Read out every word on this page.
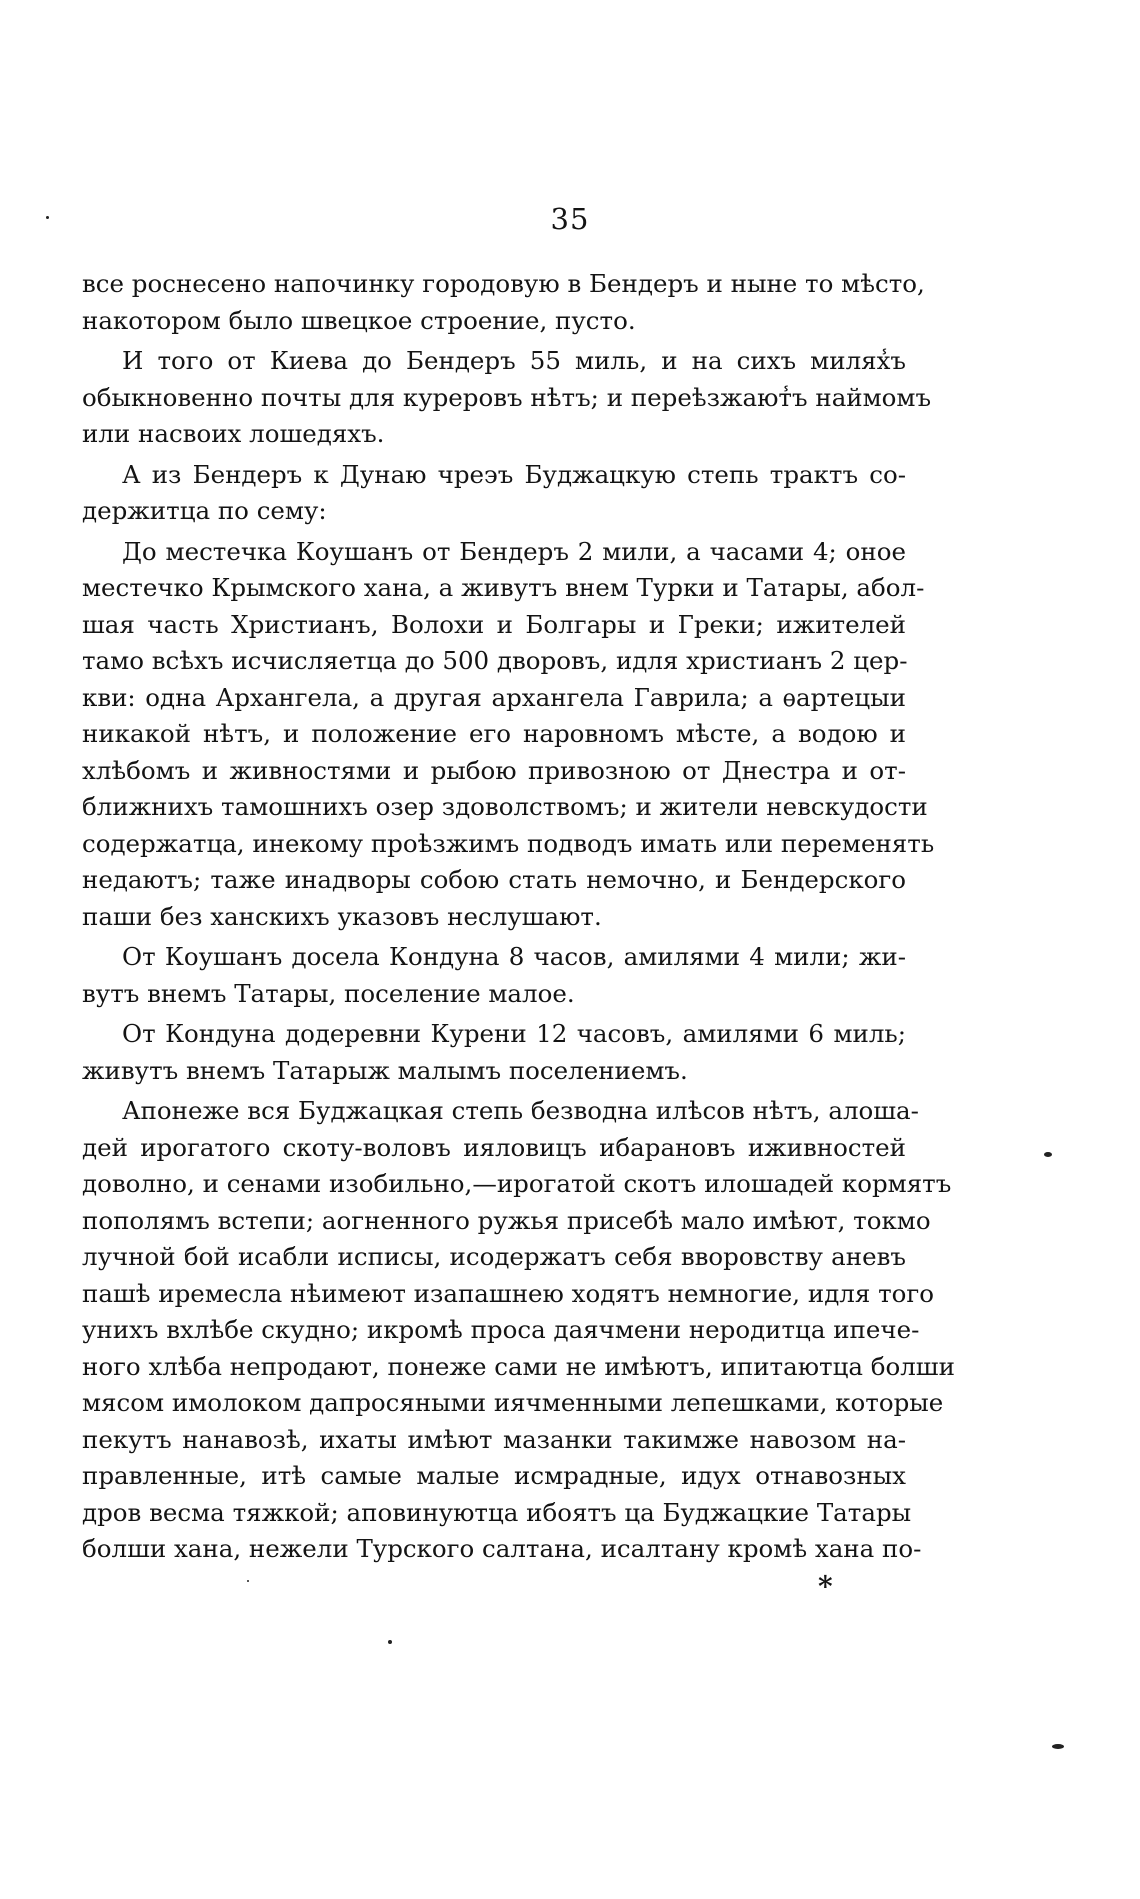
35
все роснесено напочинку городовую в Бендеръ и ныне то мѣсто,
накотором было швецкое строение, пусто.
И того от Киева до Бендеръ 55 миль, и на сихъ милях̾ъ
обыкновенно почты для куреровъ нѣтъ; и переѣзжают̾ъ наймомъ
или насвоих лошедяхъ.
А из Бендеръ к Дунаю чреэъ Буджацкую степь трактъ со-
держитца по сему:
До местечка Коушанъ от Бендеръ 2 мили, а часами 4; оное
местечко Крымского хана, а живутъ внем Турки и Татары, абол-
шая часть Христианъ, Волохи и Болгары и Греки; ижителей
тамо всѣхъ исчисляетца до 500 дворовъ, идля христианъ 2 цер-
кви: одна Архангела, а другая архангела Гаврила; а ѳартецыи
никакой нѣтъ, и положение его наровномъ мѣсте, а водою и
хлѣбомъ и живностями и рыбою привозною от Днестра и от-
ближнихъ тамошнихъ озер здоволствомъ; и жители невскудости
содержатца, инекому проѣзжимъ подводъ имать или переменять
недаютъ; таже инадворы собою стать немочно, и Бендерского
паши без ханскихъ указовъ неслушают.
От Коушанъ досела Кондуна 8 часов, амилями 4 мили; жи-
вутъ внемъ Татары, поселение малое.
От Кондуна додеревни Курени 12 часовъ, амилями 6 миль;
живутъ внемъ Татарыж малымъ поселениемъ.
Апонеже вся Буджацкая степь безводна илѣсов нѣтъ, алоша-
дей ирогатого скоту-воловъ ияловицъ ибарановъ иживностей
доволно, и сенами изобильно,—ирогатой скотъ илошадей кормятъ
пополямъ встепи; аогненного ружья присебѣ мало имѣют, токмо
лучной бой исабли исписы, исодержатъ себя вворовству аневъ
пашѣ иремесла нѣимеют изапашнею ходятъ немногие, идля того
унихъ вхлѣбе скудно; икромѣ проса даячмени неродитца ипече-
ного хлѣба непродают, понеже сами не имѣютъ, ипитаютца болши
мясом имолоком дапросяными иячменными лепешками, которые
пекутъ нанавозѣ, ихаты имѣют мазанки такимже навозом на-
правленные, итѣ самые малые исмрадные, идух отнавозных
дров весма тяжкой; аповинуютца ибоятъ ца Буджацкие Татары
болши хана, нежели Турского салтана, исалтану кромѣ хана по-
*
